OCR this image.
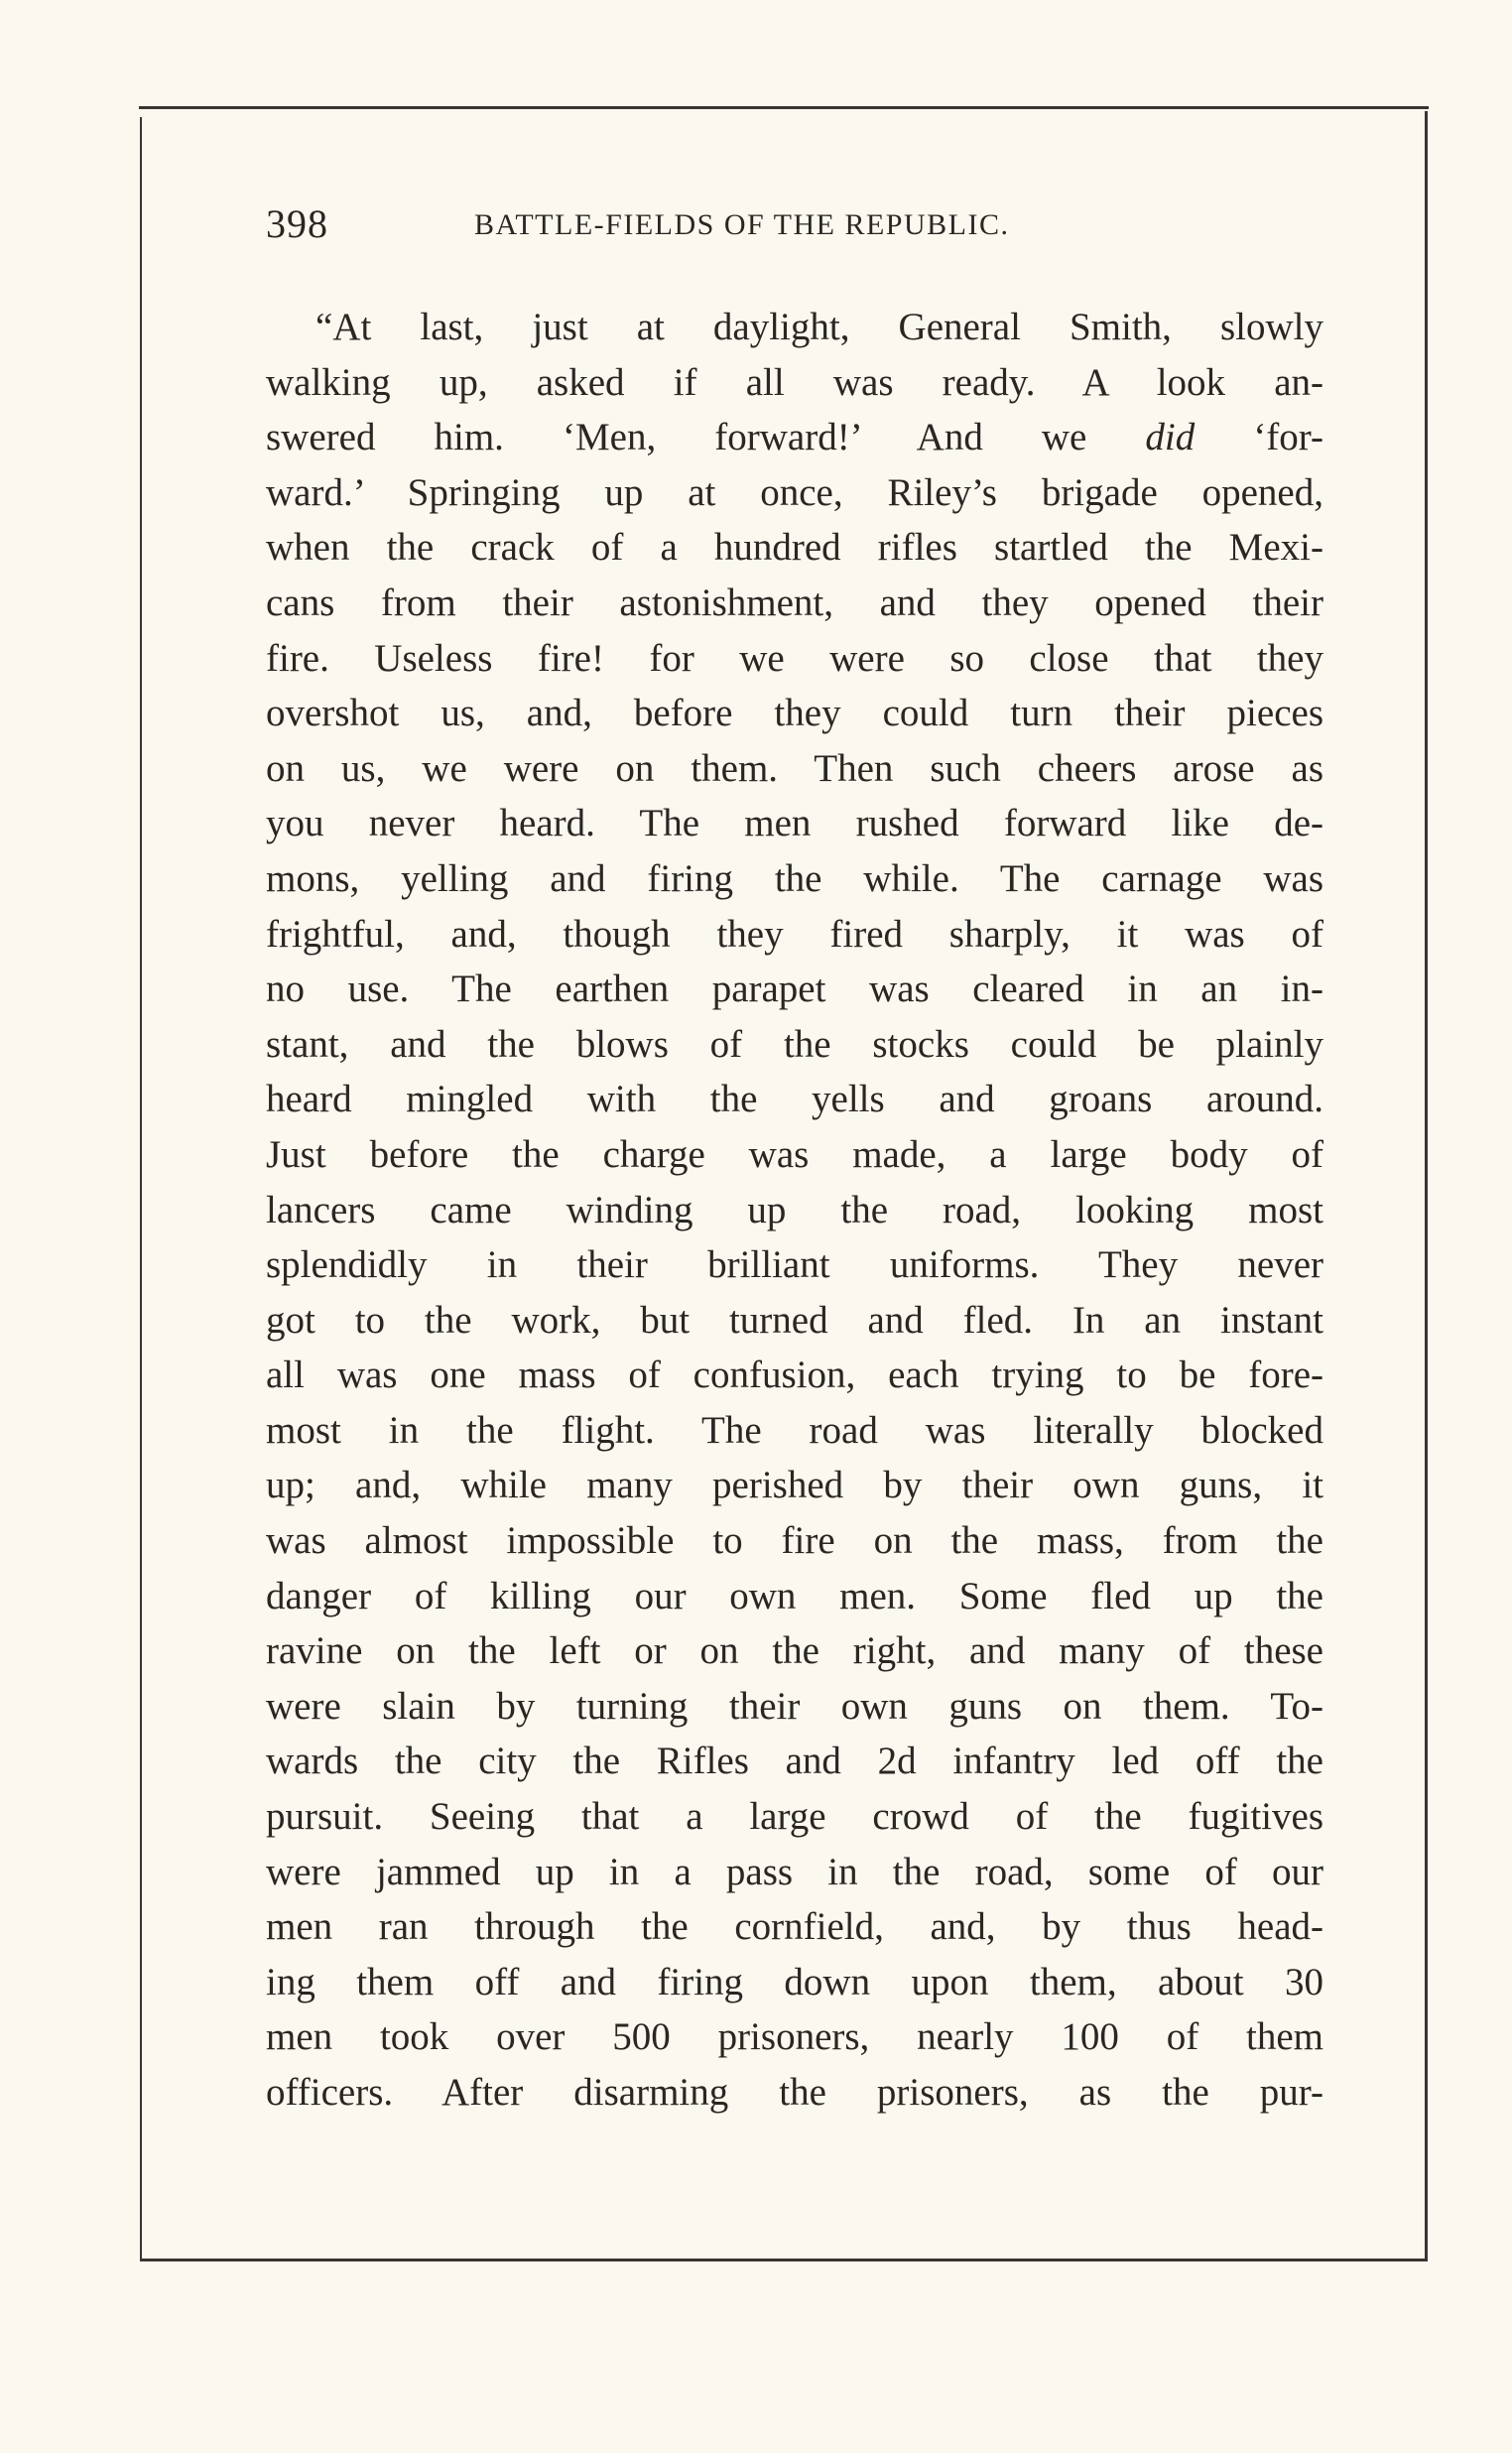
398	BATTLE-FIELDS OF THE REPUBLIC.
“At last, just at daylight, General Smith, slowly
walking up, asked if all was ready. A look an-
swered him. ‘Men, forward!’ And we did ‘for-
ward.’ Springing up at once, Riley’s brigade opened,
when the crack of a hundred rifles startled the Mexi-
cans from their astonishment, and they opened their
fire. Useless fire! for we were so close that they
overshot us, and, before they could turn their pieces
on us, we were on them. Then such cheers arose as
you never heard. The men rushed forward like de-
mons, yelling and firing the while. The carnage was
frightful, and, though they fired sharply, it was of
no use. The earthen parapet was cleared in an in-
stant, and the blows of the stocks could be plainly
heard mingled with the yells and groans around.
Just before the charge was made, a large body of
lancers came winding up the road, looking most
splendidly in their brilliant uniforms. They never
got to the work, but turned and fled. In an instant
all was one mass of confusion, each trying to be fore-
most in the flight. The road was literally blocked
up; and, while many perished by their own guns, it
was almost impossible to fire on the mass, from the
danger of killing our own men. Some fled up the
ravine on the left or on the right, and many of these
were slain by turning their own guns on them. To-
wards the city the Rifles and 2d infantry led off the
pursuit. Seeing that a large crowd of the fugitives
were jammed up in a pass in the road, some of our
men ran through the cornfield, and, by thus head-
ing them off and firing down upon them, about 30
men took over 500 prisoners, nearly 100 of them
officers. After disarming the prisoners, as the pur-
